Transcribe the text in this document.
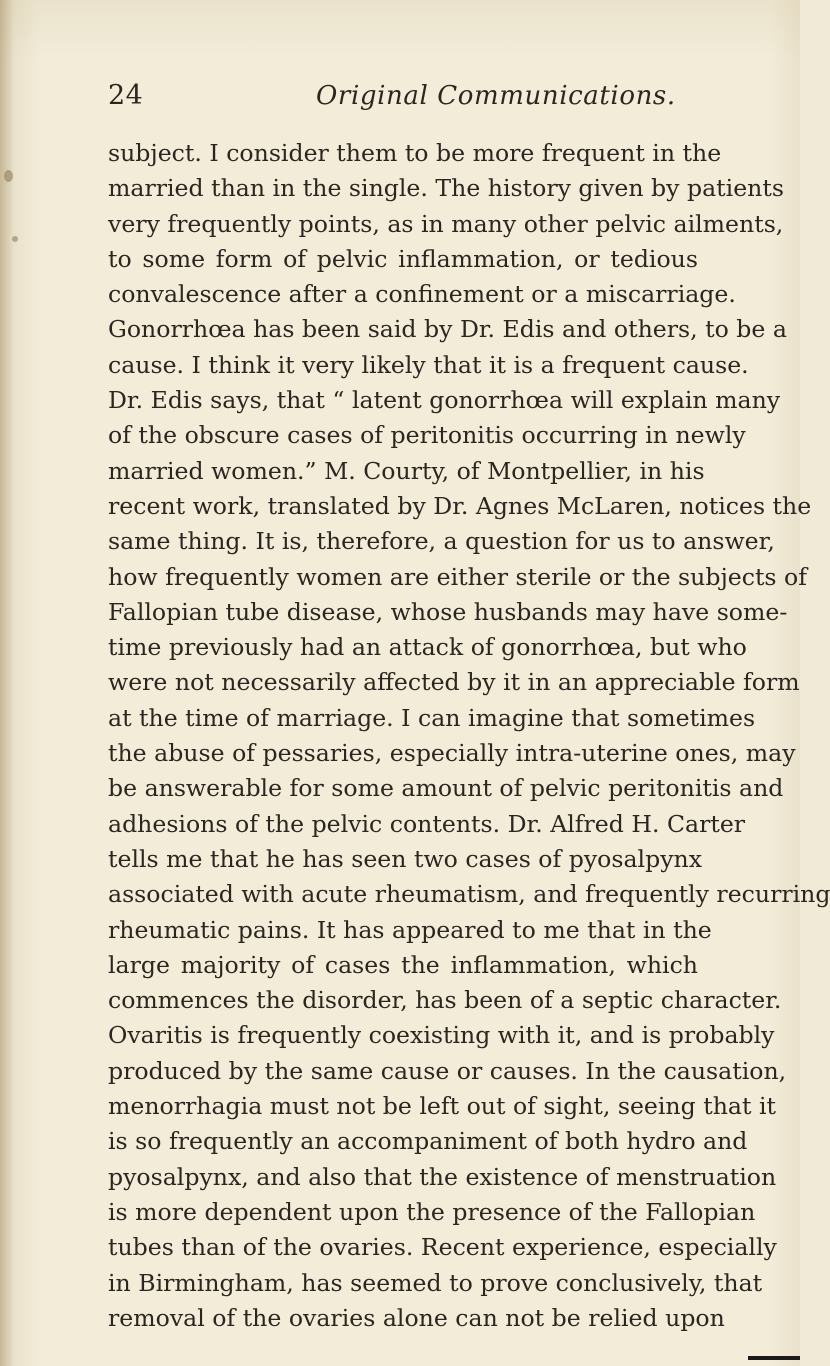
24	Original Communications.
subject. I consider them to be more frequent in the
married than in the single. The history given by patients
very frequently points, as in many other pelvic ailments,
to some form of pelvic inflammation, or tedious
convalescence after a confinement or a miscarriage.
Gonorrhœa has been said by Dr. Edis and others, to be a
cause. I think it very likely that it is a frequent cause.
Dr. Edis says, that “ latent gonorrhœa will explain many
of the obscure cases of peritonitis occurring in newly
married women.” M. Courty, of Montpellier, in his
recent work, translated by Dr. Agnes McLaren, notices the
same thing. It is, therefore, a question for us to answer,
how frequently women are either sterile or the subjects of
Fallopian tube disease, whose husbands may have some-
time previously had an attack of gonorrhœa, but who
were not necessarily affected by it in an appreciable form
at the time of marriage. I can imagine that sometimes
the abuse of pessaries, especially intra-uterine ones, may
be answerable for some amount of pelvic peritonitis and
adhesions of the pelvic contents. Dr. Alfred H. Carter
tells me that he has seen two cases of pyosalpynx
associated with acute rheumatism, and frequently recurring
rheumatic pains. It has appeared to me that in the
large majority of cases the inflammation, which
commences the disorder, has been of a septic character.
Ovaritis is frequently coexisting with it, and is probably
produced by the same cause or causes. In the causation,
menorrhagia must not be left out of sight, seeing that it
is so frequently an accompaniment of both hydro and
pyosalpynx, and also that the existence of menstruation
is more dependent upon the presence of the Fallopian
tubes than of the ovaries. Recent experience, especially
in Birmingham, has seemed to prove conclusively, that
removal of the ovaries alone can not be relied upon
